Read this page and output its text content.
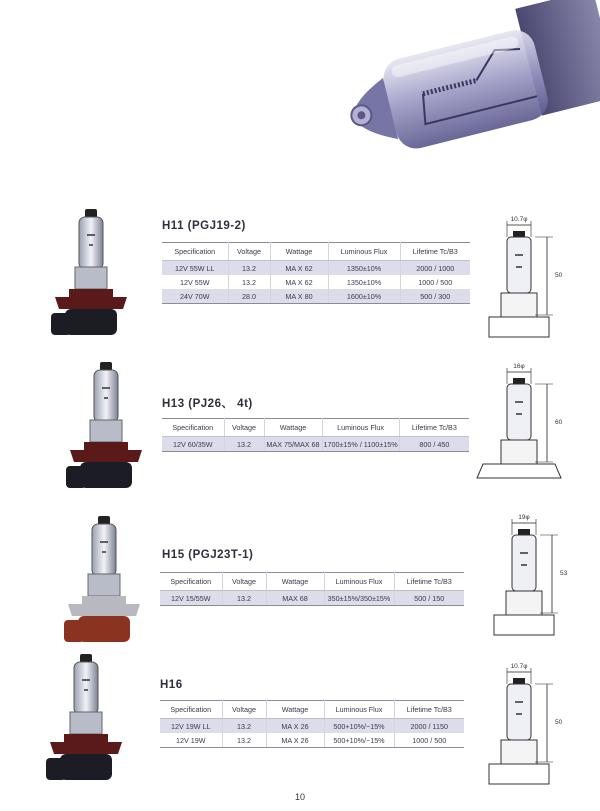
H11 (PGJ19-2)
Specification	Voltage	Wattage	Luminous Flux	Lifetime Tc/B3
12V 55W LL	13.2	MA X 62	1350±10%	2000 / 1000
12V 55W	13.2	MA X 62	1350±10%	1000 / 500
24V 70W	28.0	MA X 80	1600±10%	500 / 300
10.7φ
50
H13 (PJ26、 4t)
Specification	Voltage	Wattage	Luminous Flux	Lifetime Tc/B3
12V 60/35W	13.2	MAX 75/MAX 68	1700±15% / 1100±15%	800 / 450
16φ
60
H15 (PGJ23T-1)
Specification	Voltage	Wattage	Luminous Flux	Lifetime Tc/B3
12V 15/55W	13.2	MAX 68	350±15%/350±15%	500 / 150
19φ
53
H16
Specification	Voltage	Wattage	Luminous Flux	Lifetime Tc/B3
12V 19W LL	13.2	MA X 26	500+10%/−15%	2000 / 1150
12V 19W	13.2	MA X 26	500+10%/−15%	1000 / 500
10.7φ
50
10
